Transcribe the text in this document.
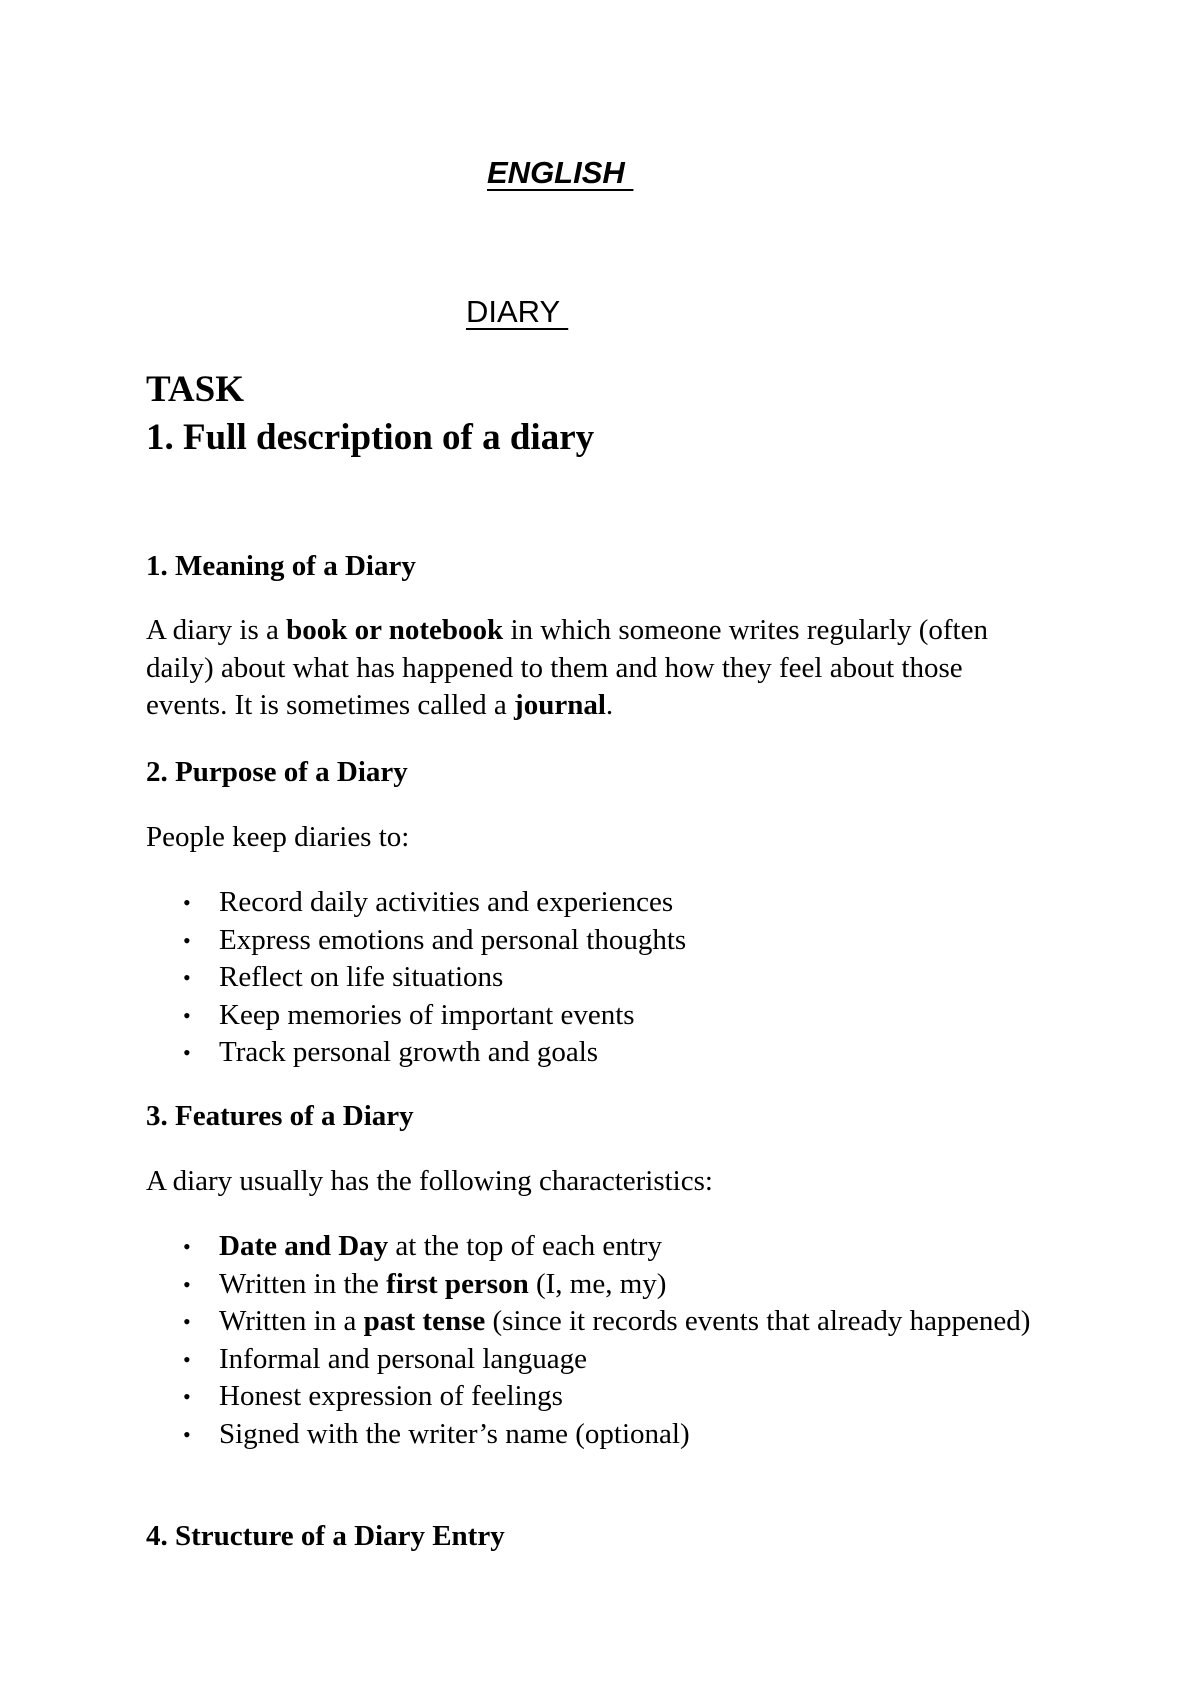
ENGLISH

DIARY

TASK

1. Full description of a diary

1. Meaning of a Diary

A diary is a book or notebook in which someone writes regularly (often daily) about what has happened to them and how they feel about those events. It is sometimes called a journal.

2. Purpose of a Diary

People keep diaries to:

• Record daily activities and experiences
• Express emotions and personal thoughts
• Reflect on life situations
• Keep memories of important events
• Track personal growth and goals

3. Features of a Diary

A diary usually has the following characteristics:

• Date and Day at the top of each entry
• Written in the first person (I, me, my)
• Written in a past tense (since it records events that already happened)
• Informal and personal language
• Honest expression of feelings
• Signed with the writer’s name (optional)

4. Structure of a Diary Entry
